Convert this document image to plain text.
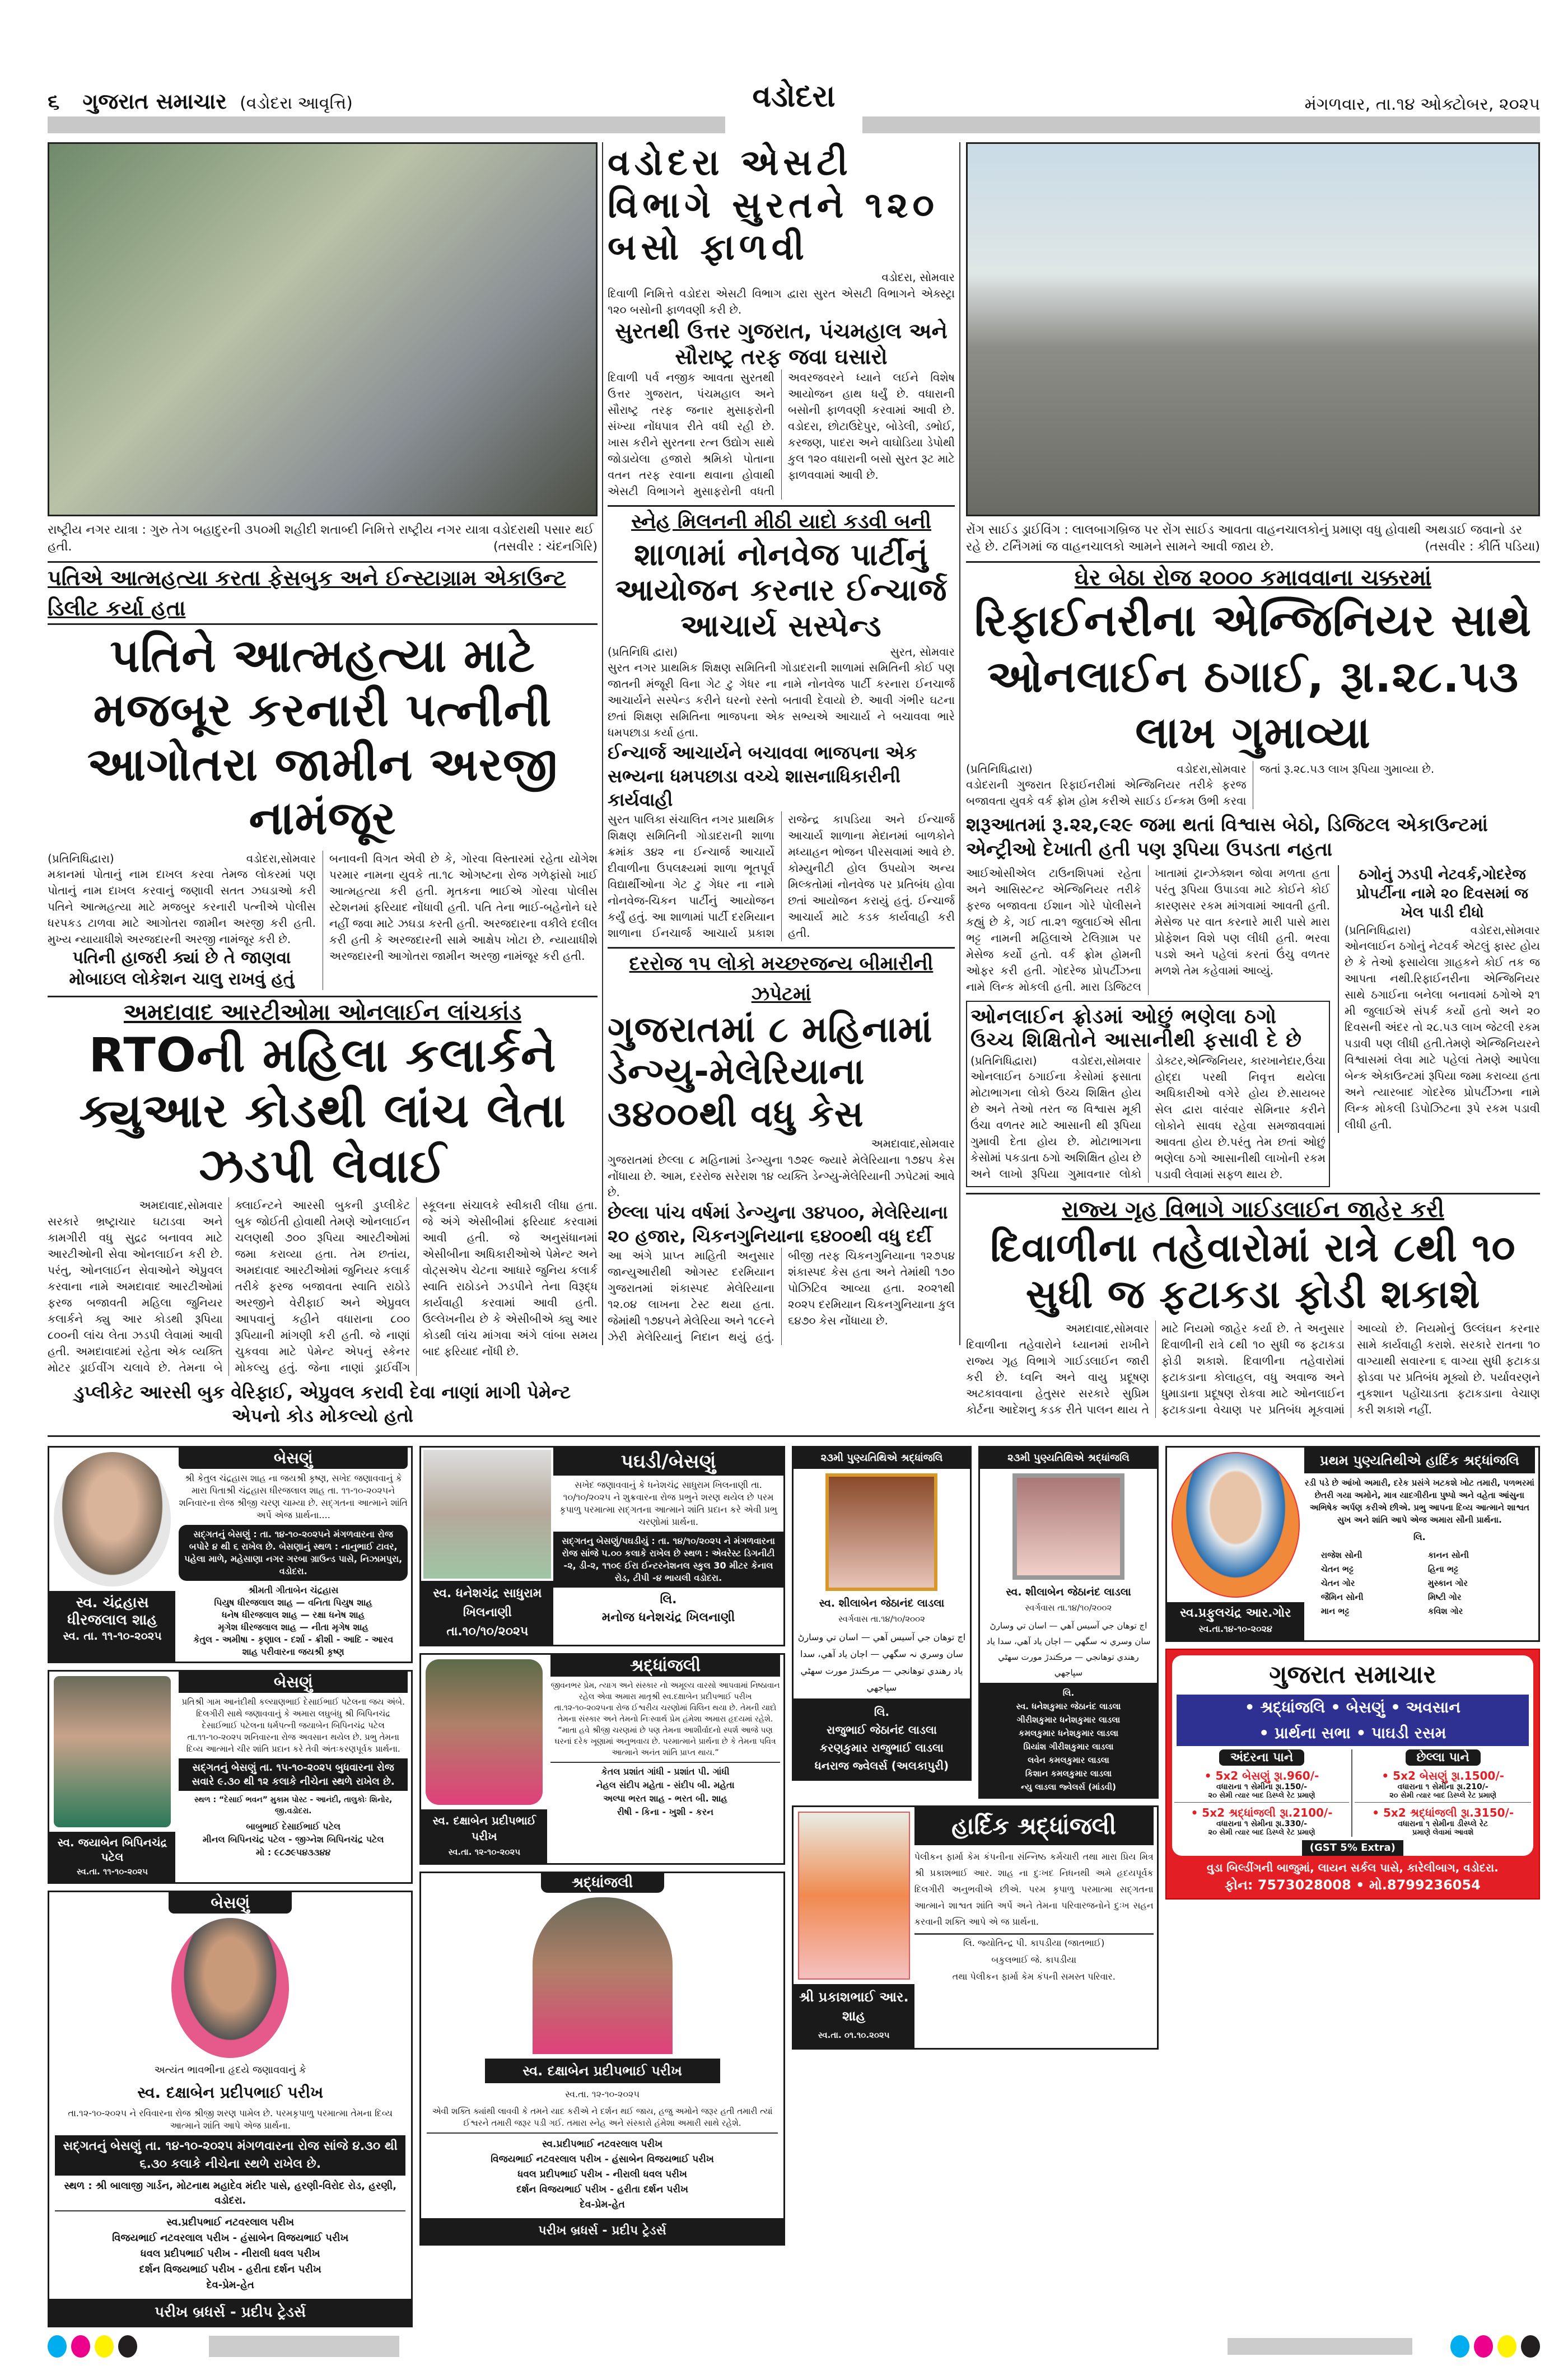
૬ ગુજરાત સમાચાર (વડોદરા આવૃત્તિ)	વડોદરા	મંગળવાર, તા.૧૪ ઓક્ટોબર, ૨૦૨૫
રાષ્ટ્રીય નગર યાત્રા : ગુરુ તેગ બહાદુરની ૩૫૦મી શહીદી શતાબ્દી નિમિત્તે રાષ્ટ્રીય નગર યાત્રા વડોદરાથી પસાર થઈ હતી.	(તસવીર : ચંદનગિરિ)
પતિએ આત્મહત્યા કરતા ફેસબુક અને ઈન્સ્ટાગ્રામ એકાઉન્ટ ડિલીટ કર્યા હતા
પતિને આત્મહત્યા માટે મજબૂર કરનારી પત્નીની આગોતરા જામીન અરજી નામંજૂર
(પ્રતિનિધિદ્વારા)	વડોદરા,સોમવાર

મકાનમાં પોતાનું નામ દાખલ કરવા તેમજ લોકરમાં પણ પોતાનું નામ દાખલ કરવાનું જણાવી સતત ઝઘડાઓ કરી પતિને આત્મહત્યા માટે મજબુર કરનારી પત્નીએ પોલીસ ધરપકડ ટાળવા માટે આગોતરા જામીન અરજી કરી હતી. મુખ્ય ન્યાયાધીશે અરજદારની અરજી નામંજૂર કરી છે.

પતિની હાજરી ક્યાં છે તે જાણવા મોબાઇલ લોકેશન ચાલુ રાખવું હતું

બનાવની વિગત એવી છે કે, ગોરવા વિસ્તારમાં રહેતા યોગેશ પરમાર નામના યુવકે તા.૧૮ ઓગષ્ટના રોજ ગળેફાંસો ખાઈ આત્મહત્યા કરી હતી. મૃતકના ભાઈએ ગોરવા પોલીસ સ્ટેશનમાં ફરિયાદ નોંધાવી હતી. પતિ તેના ભાઈ-બહેનોને ઘરે નહીં જવા માટે ઝઘડા કરતી હતી. અરજદારના વકીલે દલીલ કરી હતી કે અરજદારની સામે આક્ષેપ ખોટા છે. ન્યાયાધીશે અરજદારની આગોતરા જામીન અરજી નામંજૂર કરી હતી.

અમદાવાદ આરટીઓમા ઓનલાઈન લાંચકાંડ
RTOની મહિલા કલાર્કને ક્યુઆર કોડથી લાંચ લેતા ઝડપી લેવાઈ
અમદાવાદ,સોમવાર

સરકારે ભ્રષ્ટ્રાચાર ઘટાડવા અને કામગીરી વધુ સુદ્રઢ બનાવવ માટે આરટીઓની સેવા ઓનલાઈન કરી છે. પરંતુ, ઓનલાઈન સેવાઓને એપ્રુવલ કરવાના નામે અમદાવાદ આરટીઓમાં ફરજ બજાવતી મહિલા જુનિયર કલાર્કને ક્યુ આર કોડથી રૂપિયા ૮૦૦ની લાંચ લેતા ઝડપી લેવામાં આવી હતી. અમદાવાદમાં રહેતા એક વ્યક્તિ મોટર ડ્રાઈવીંગ ચલાવે છે. તેમના બે ક્લાઈન્ટને આરસી બુકની ડુપ્લીકેટ બુક જોઈતી હોવાથી તેમણે ઓનલાઈન ચલણથી ૭૦૦ રૂપિયા આરટીઓમાં જમા કરાવ્યા હતા. તેમ છતાંય, અમદાવાદ આરટીઓમાં જુનિયર કલાર્ક તરીકે ફરજ બજાવતા સ્વાતિ રાઠોડે અરજીને વેરીફાઈ અને એપ્રુવલ આપવાનું કહીને વધારાના ૮૦૦ રૂપિયાની માંગણી કરી હતી. જે નાણાં ચુકવવા માટે પેમેન્ટ એપનું સ્કેનર મોકલ્યુ હતું. જેના નાણાં ડ્રાઈવીંગ સ્કૂલના સંચાલકે સ્વીકારી લીધા હતા. જે અંગે એસીબીમાં ફરિયાદ કરવામાં આવી હતી. જે અનુસંધાનમાં એસીબીના અધિકારીઓએ પેમેન્ટ અને વોટ્સએપ ચેટના આધારે જુનિય કલાર્ક સ્વાતિ રાઠોડને ઝડપીને તેના વિરૂદ્ધ કાર્યવાહી કરવામાં આવી હતી. ઉલ્લેખનીય છે કે એસીબીએ ક્યુ આર કોડથી લાંચ માંગવા અંગે લાંબા સમય બાદ ફરિયાદ નોંધી છે.

ડુપ્લીકેટ આરસી બુક વેરિફાઈ, એપ્રુવલ કરાવી દેવા નાણાં માગી પેમેન્ટ એપનો કોડ મોકલ્યો હતો
વડોદરા એસટી વિભાગે સુરતને ૧૨૦ બસો ફાળવી
વડોદરા, સોમવાર

દિવાળી નિમિત્તે વડોદરા એસટી વિભાગ દ્વારા સુરત એસટી વિભાગને એક્સ્ટ્રા ૧૨૦ બસોની ફાળવણી કરી છે.

સુરતથી ઉત્તર ગુજરાત, પંચમહાલ અને સૌરાષ્ટ્ર તરફ જવા ઘસારો
દિવાળી પર્વ નજીક આવતા સુરતથી ઉત્તર ગુજરાત, પંચમહાલ અને સૌરાષ્ટ્ર તરફ જનાર મુસાફરોની સંખ્યા નોંધપાત્ર રીતે વધી રહી છે. ખાસ કરીને સુરતના રત્ન ઉદ્યોગ સાથે જોડાયેલા હજારો શ્રમિકો પોતાના વતન તરફ રવાના થવાના હોવાથી એસટી વિભાગને મુસાફરોની વધતી અવરજવરને ધ્યાને લઈને વિશેષ આયોજન હાથ ધર્યું છે. વધારાની બસોની ફાળવણી કરવામાં આવી છે. વડોદરા, છોટાઉદેપુર, બોડેલી, ડભોઈ, કરજણ, પાદરા અને વાઘોડિયા ડેપોથી કુલ ૧૨૦ વધારાની બસો સુરત રૂટ માટે ફાળવવામાં આવી છે.
સ્નેહ મિલનની મીઠી યાદો કડવી બની
શાળામાં નોનવેજ પાર્ટીનું આયોજન કરનાર ઈન્ચાર્જ આચાર્ય સસ્પેન્ડ
(પ્રતિનિધિ દ્વારા)	સુરત, સોમવાર

સુરત નગર પ્રાથમિક શિક્ષણ સમિતિની ગોડાદરાની શાળામાં સમિતિની કોઈ પણ જાતની મંજૂરી વિના ગેટ ટુ ગેધર ના નામે નોનવેજ પાર્ટી કરનારા ઈનચાર્જ આચાર્યને સસ્પેન્ડ કરીને ઘરનો રસ્તો બતાવી દેવાયો છે. આવી ગંભીર ઘટના છતાં શિક્ષણ સમિતિના ભાજપના એક સભ્યએ આચાર્ય ને બચાવવા ભારે ધમપછાડા કર્યા હતા.

ઈન્ચાર્જ આચાર્યને બચાવવા ભાજપના એક સભ્યના ધમપછાડા વચ્ચે શાસનાધિકારીની કાર્યવાહી
સુરત પાલિકા સંચાલિત નગર પ્રાથમિક શિક્ષણ સમિતિની ગોડાદરાની શાળા ક્રમાંક ૩૪૨ ના ઈન્ચાર્જ આચાર્યે દીવાળીના ઉપલક્ષ્યમાં શાળા ભૂતપૂર્વ વિદ્યાર્થીઓના ગેટ ટુ ગેધર ના નામે નોનવેજ-ચિકન પાર્ટીનું આયોજન કર્યું હતું. આ શાળામાં પાર્ટી દરમિયાન શાળાના ઈનચાર્જ આચાર્ય પ્રકાશ રાજેન્દ્ર કાપડિયા અને ઈન્ચાર્જ આચાર્ય શાળાના મેદાનમાં બાળકોને મધ્યાહન ભોજન પીરસવામાં આવે છે. કોમ્યુનીટી હોલ ઉપયોગ અન્ય મિલ્કતોમાં નોનવેજ પર પ્રતિબંધ હોવા છતાં આયોજન કરાયું હતું. ઈન્ચાર્જ આચાર્ય માટે કડક કાર્યવાહી કરી હતી.
દરરોજ ૧૫ લોકો મચ્છરજન્ય બીમારીની ઝપેટમાં
ગુજરાતમાં ૮ મહિનામાં ડેન્ગ્યુ-મેલેરિયાના ૩૪૦૦થી વધુ કેસ
અમદાવાદ,સોમવાર

ગુજરાતમાં છેલ્લા ૮ મહિનામાં ડેન્ગ્યુના ૧૭૨૯ જ્યારે મેલેરિયાના ૧૭૪૫ કેસ નોંધાયા છે. આમ, દરરોજ સરેરાશ ૧૪ વ્યક્તિ ડેન્ગ્યુ-મેલેરિયાની ઝપેટમાં આવે છે.

છેલ્લા પાંચ વર્ષમાં ડેન્ગ્યુના ૩૪૫૦૦, મેલેરિયાના ૨૦ હજાર, ચિકનગુનિયાના ૬૪૦૦થી વધુ દર્દી
આ અંગે પ્રાપ્ત માહિતી અનુસાર જાન્યુઆરીથી ઓગસ્ટ દરમિયાન ગુજરાતમાં શંકાસ્પદ મેલેરિયાના ૧૨.૦૪ લાખના ટેસ્ટ થયા હતા. જેમાંથી ૧૭૪૫ને મેલેરિયા અને ૧૮૯ને ઝેરી મેલેરિયાનું નિદાન થયું હતું. બીજી તરફ ચિકનગુનિયાના ૧૨૭૫૪ શંકાસ્પદ કેસ હતા અને તેમાંથી ૧૭૦ પોઝિટિવ આવ્યા હતા. ૨૦૨૧થી ૨૦૨૫ દરમિયાન ચિકનગુનિયાના કુલ ૬૪૭૦ કેસ નોંધાયા છે.
રોંગ સાઈડ ડ્રાઈવિંગ : લાલબાગબ્રિજ પર રોંગ સાઈડ આવતા વાહનચાલકોનું પ્રમાણ વધુ હોવાથી અથડાઈ જવાનો ડર રહે છે. ટર્નિંગમાં જ વાહનચાલકો આમને સામને આવી જાય છે.	(તસવીર : કીર્તિ પડિયા)
ઘેર બેઠા રોજ ૨૦૦૦ કમાવવાના ચક્કરમાં
રિફાઈનરીના એન્જિનિયર સાથે ઓનલાઈન ઠગાઈ, રૂા.૨૮.૫૩ લાખ ગુમાવ્યા
(પ્રતિનિધિદ્વારા)	વડોદરા,સોમવાર

વડોદરાની ગુજરાત રિફાઈનરીમાં એન્જિનિયર તરીકે ફરજ બજાવતા યુવકે વર્ક ફ્રોમ હોમ કરીએ સાઈડ ઈન્કમ ઉભી કરવા જતાં રૂ.૨૮.૫૩ લાખ રૂપિયા ગુમાવ્યા છે.

શરૂઆતમાં રૂ.૨૨,૯૨૯ જમા થતાં વિશ્વાસ બેઠો, ડિજિટલ એકાઉન્ટમાં એન્ટ્રીઓ દેખાતી હતી પણ રૂપિયા ઉપડતા નહતા
આઈઓસીએલ ટાઉનશિપમાં રહેતા અને આસિસ્ટન્ટ એન્જિનિયર તરીકે ફરજ બજાવતા ઈશાન ગોરે પોલીસને કહ્યું છે કે, ગઈ તા.૨૧ જુલાઈએ સીતા ભટ્ટ નામની મહિલાએ ટેલિગ્રામ પર મેસેજ કર્યો હતો. વર્ક ફ્રોમ હોમની ઓફર કરી હતી. ગોદરેજ પ્રોપર્ટીઝના નામે લિન્ક મોકલી હતી. મારા ડિજિટલ ખાતામાં ટ્રાન્ઝેક્શન જોવા મળતા હતા પરંતુ રૂપિયા ઉપાડવા માટે કોઈને કોઈ કારણસર રકમ માંગવામાં આવતી હતી. મેસેજ પર વાત કરનારે મારી પાસે મારા પ્રોફેશન વિશે પણ લીધી હતી. ભરવા પડશે અને પહેલાં કરતાં ઉંચુ વળતર મળશે તેમ કહેવામાં આવ્યું.
ઓનલાઈન ફ્રોડમાં ઓછું ભણેલા ઠગો ઉચ્ચ શિક્ષિતોને આસાનીથી ફસાવી દે છે
(પ્રતિનિધિદ્વારા)	વડોદરા,સોમવાર

ઓનલાઈન ઠગાઈના કેસોમાં ફસાતા મોટાભાગના લોકો ઉચ્ચ શિક્ષિત હોય છે અને તેઓ તરત જ વિશ્વાસ મૂકી ઉંચા વળતર માટે આસાની થી રૂપિયા ગુમાવી દેતા હોય છે. મોટાભાગના કેસોમાં પકડાતા ઠગો અશિક્ષિત હોય છે અને લાખો રૂપિયા ગુમાવનાર લોકો ડોક્ટર,એન્જિનિયર, કારખાનેદાર,ઉંચા હોદ્દા પરથી નિવૃત્ત થયેલા અધિકારીઓ વગેરે હોય છે.સાયબર સેલ દ્વારા વારંવાર સેમિનાર કરીને લોકોને સાવધ રહેવા સમજાવવામાં આવતા હોય છે.પરંતુ તેમ છતાં ઓછું ભણેલા ઠગો આસાનીથી લાખોની રકમ પડાવી લેવામાં સફળ થાય છે.

ઠગોનું ઝડપી નેટવર્ક,ગોદરેજ પ્રોપર્ટીના નામે ૨૦ દિવસમાં જ ખેલ પાડી દીધો
(પ્રતિનિધિદ્વારા)	વડોદરા,સોમવાર
ઓનલાઈન ઠગોનું નેટવર્ક એટલું ફાસ્ટ હોય છે કે તેઓ ફસાયેલા ગ્રાહકને કોઈ તક જ આપતા નથી.રિફાઈનરીના એન્જિનિયર સાથે ઠગાઈના બનેલા બનાવમાં ઠગોએ ૨૧ મી જુલાઈએ સંપર્ક કર્યો હતો અને ૨૦ દિવસની અંદર તો ૨૮.૫૩ લાખ જેટલી રકમ પડાવી પણ લીધી હતી.તેમણે એન્જિનિયરને વિશ્વાસમાં લેવા માટે પહેલાં તેમણે આપેલા બેન્ક એકાઉન્ટમાં રૂપિયા જમા કરાવ્યા હતા અને ત્યારબાદ ગોદરેજ પ્રોપર્ટીઝના નામે લિન્ક મોકલી ડિપોઝિટના રૂપે રકમ પડાવી લીધી હતી.
રાજ્ય ગૃહ વિભાગે ગાઈડલાઈન જાહેર કરી
દિવાળીના તહેવારોમાં રાત્રે ૮થી ૧૦ સુધી જ ફટાકડા ફોડી શકાશે
અમદાવાદ,સોમવાર

દિવાળીના તહેવારોને ધ્યાનમાં રાખીને રાજ્ય ગૃહ વિભાગે ગાઈડલાઈન જારી કરી છે. ધ્વનિ અને વાયુ પ્રદૂષણ અટકાવવાના હેતુસર સરકારે સુપ્રિમ કોર્ટના આદેશનુ કડક રીતે પાલન થાય તે માટે નિયમો જાહેર કર્યા છે. તે અનુસાર દિવાળીની રાત્રે ૮થી ૧૦ સુધી જ ફટાકડા ફોડી શકાશે. દિવાળીના તહેવારોમાં ફટાકડાના કોલાહલ, વધુ અવાજ અને ધુમાડાના પ્રદૂષણ રોકવા માટે ઓનલાઈન ફટાકડાના વેચાણ પર પ્રતિબંધ મૂકવામાં આવ્યો છે. નિયમોનું ઉલ્લંઘન કરનાર સામે કાર્યવાહી કરાશે. સરકારે રાતના ૧૦ વાગ્યાથી સવારના ૬ વાગ્યા સુધી ફટાકડા ફોડવા પર પ્રતિબંધ મૂક્યો છે. પર્યાવરણને નુકશાન પહોંચાડતા ફટાકડાના વેચાણ કરી શકાશે નહીં.

સ્વ. ચંદ્રહાસ ધીરજલાલ શાહ
સ્વ. તા. ૧૧-૧૦-૨૦૨૫
બેસણું
શ્રી કેતુલ ચંદ્રહાસ શાહ ના જયશ્રી કૃષ્ણ, સખેદ જણાવવાનું કે મારા પિતાશ્રી ચંદ્રહાસ ધીરજલાલ શાહ તા. ૧૧-૧૦-૨૦૨૫ને શનિવારના રોજ શ્રીજી ચરણ ચામ્યા છે. સદ્‌ગતના આત્માને શાંતિ અર્પે એજ પ્રાર્થના....
સદ્‌ગતનું બેસણું : તા. ૧૪-૧૦-૨૦૨૫ને મંગળવારના રોજ બપોરે ૪ થી ૬ રાખેલ છે. બેસણાનું સ્થળ : નાનુભાઈ ટાવર, પહેલા માળે, મહેસાણા નગર ગરબા ગ્રાઉન્ડ પાસે, નિઝામપુરા, વડોદરા.
શ્રીમતી ગીતાબેન ચંદ્રહાસ
પિયુષ ધીરજલાલ શાહ — વનિતા પિયુષ શાહ
ધનેષ ધીરજલાલ શાહ — રક્ષા ધનેષ શાહ
મૃગેશ ધીરજલાલ શાહ — નીતા મૃગેષ શાહ
કેતુલ - અમીષા - કૃણાલ - દર્શા - ક્રીશી - આદિ - આરવ
શાહ પરીવારના જયશ્રી કૃષ્ણ
સ્વ. જયાબેન બિપિનચંદ્ર પટેલ
સ્વ.તા. ૧૧-૧૦-૨૦૨૫
બેસણું
પ્રતિશ્રી ગામ આનંદીથી કલ્યાણભાઈ દેસાઈભાઈ પટેલના જય અંબે. દિલગીરી સાથે જણાવવાનું કે અમારા લઘુબંધુ શ્રી બિપિનચંદ્ર દેસાઈભાઈ પટેલના ધર્મપત્ની જયાબેન બિપિનચંદ્ર પટેલ તા.૧૧-૧૦-૨૦૨૫ શનિવારના રોજ અવસાન થયેલ છે. પ્રભુ તેમના દિવ્ય આત્માને ચીર શાંતિ પ્રદાન કરે તેવી અંતઃકરણપૂર્વક પ્રાર્થના.
સદ્‌ગતનું બેસણું તા. ૧૫-૧૦-૨૦૨૫ બુધવારના રોજ સવારે ૯.૩૦ થી ૧૨ કલાકે નીચેના સ્થળે રાખેલ છે.
સ્થળ : “દેસાઈ ભવન” મુકામ પોસ્ટ - આનંદી, તાલુકોઃ શિનોર, જી.વડોદરા.
બાબુભાઈ દેસાઈભાઈ પટેલ
મીનલ બિપિનચંદ્ર પટેલ - જીગ્નેશ બિપિનચંદ્ર પટેલ
મો : ૯૮૭૯૫૪૩૩૪૪
બેસણું
અત્યંત ભાવભીના હૃદયે જણાવવાનું કે
સ્વ. દક્ષાબેન પ્રદીપભાઈ પરીખ
તા.૧૨-૧૦-૨૦૨૫ ને રવિવારના રોજ શ્રીજી શરણ પામેલ છે. પરમકૃપાળુ પરમાત્મા તેમના દિવ્ય આત્માને શાંતિ આપે એજ પ્રાર્થના.
સદ્‌ગતનું બેસણું તા. ૧૪-૧૦-૨૦૨૫ મંગળવારના રોજ સાંજે ૪.૩૦ થી ૬.૩૦ કલાકે નીચેના સ્થળે રાખેલ છે.
સ્થળ : શ્રી બાલાજી ગાર્ડન, મોટનાથ મહાદેવ મંદીર પાસે, હરણી-વિરોદ રોડ, હરણી, વડોદરા.
સ્વ.પ્રદીપભાઈ નટવરલાલ પરીખ
વિજયભાઈ નટવરલાલ પરીખ - હંસાબેન વિજયભાઈ પરીખ
ધવલ પ્રદીપભાઈ પરીખ - નીરાલી ધવલ પરીખ
દર્શન વિજયભાઈ પરીખ - હરીતા દર્શન પરીખ
દેવ-પ્રેમ-હેત
પરીખ બ્રધર્સ - પ્રદીપ ટ્રેડર્સ
સ્વ. ધનેશચંદ્ર સાધુરામ ખિલનાણી
તા.૧૦/૧૦/૨૦૨૫
પઘડી/બેસણું
સખેદ જણાવવાનું કે ધનેશચંદ્ર સાધુરામ ખિલનાણી તા. ૧૦/૧૦/૨૦૨૫ ને શુક્રવારના રોજ પ્રભુને શરણ થયેલ છે પરમ કૃપાળુ પરમાત્મા સદ્‌ગતના આત્માને શાંતિ પ્રદાન કરે એવી પ્રભુ ચરણોમાં પ્રાર્થના.
સદ્‌ગતનુ બેસણું/પઘડીયું : તા. ૧૪/૧૦/૨૦૨૫ ને મંગળવારના રોજ સાંજે ૫.૦૦ કલાકે રાખેલ છે સ્થળ : એવરેસ્ટ ડિગનીટી -૨, ડી-૨, ૧૧૦૯ ઈરા ઈન્ટરનેશનલ સ્કુલ 30 મીટર કેનાલ રોડ, ટીપી -૪ ભાયલી વડોદરા.
લિ.
મનોજ ધનેશચંદ્ર ખિલનાણી
સ્વ. દક્ષાબેન પ્રદીપભાઈ પરીખ
સ્વ.તા. ૧૨-૧૦-૨૦૨૫
શ્રદ્ધાંજલી
જીવનભર પ્રેમ, ત્યાગ અને સંસ્કાર નો અમૂલ્ય વારસો આપવામાં નિષ્ઠાવાન રહેલ એવા અમારા માતૃશ્રી સ્વ.દક્ષાબેન પ્રદીપભાઈ પરીખ તા.૧૨-૧૦-૨૦૨૫ના રોજ ઈશ્વરીય ચરણોમાં વિલિન થયા છે. તેમની યાદો તેમના સંસ્કાર અને તેમનો નિઃસ્વાર્થ પ્રેમ હંમેશા અમારા હૃદયમાં રહેશે. “માતા હવે શ્રીજી ચરણમાં છે પણ તેમના આશીર્વાદનો સ્પર્શ આજે પણ ઘરનાં દરેક ખૂણામાં અનુભવાય છે. પરમાત્માને પ્રાર્થના છે કે તેમના પવિત્ર આત્માને અનંત શાંતિ પ્રાપ્ત થાય.”
કેતલ પ્રશાંત ગાંધી - પ્રશાંત પી. ગાંધી
નેહલ સંદીપ મહેતા - સંદીપ બી. મહેતા
અલ્પા ભરત શાહ - ભરત બી. શાહ
રીષી - કિના - ખુશી - કરન
શ્રદ્ધાંજલી
સ્વ. દક્ષાબેન પ્રદીપભાઈ પરીખ
સ્વ.તા. ૧૨-૧૦-૨૦૨૫
એવી શક્તિ ક્યાંથી લાવવી કે તમને યાદ કરીએ ને દર્શન થઈ જાય, હજુ અમોને જરૂર હતી તમારી ત્યાં ઈશ્વરને તમારી જરૂર પડી ગઈ. તમારા સ્નેહ અને સંસ્કારો હંમેશા અમારી સાથે રહેશે.
સ્વ.પ્રદીપભાઈ નટવરલાલ પરીખ
વિજયભાઈ નટવરલાલ પરીખ - હંસાબેન વિજયભાઈ પરીખ
ધવલ પ્રદીપભાઈ પરીખ - નીરાલી ધવલ પરીખ
દર્શન વિજયભાઈ પરીખ - હરીતા દર્શન પરીખ
દેવ-પ્રેમ-હેત
પરીખ બ્રધર્સ - પ્રદીપ ટ્રેડર્સ
૨૩મી પુણ્યતિથિએ શ્રદ્ધાંજલિ
સ્વ. શીલાબેન જેઠાનંદ લાડલા
સ્વર્ગવાસ તા.૧૪/૧૦/૨૦૦૨
اڄ توهان جي آسيس آهي — اسان تي وسارڻ سان وسري نہ سگهي — اڄان ياد آهي، سدا ياد رهندي توهانجي — مرڪندڙ مورت سهڻي سڀاجهي
લિ.
રાજુભાઈ જેઠાનંદ લાડલા
કરણકુમાર રાજુભાઈ લાડલા
ધનરાજ જ્વેલર્સ (અલકાપુરી)
૨૩મી પુણ્યતિથિએ શ્રદ્ધાંજલિ
સ્વ. શીલાબેન જેઠાનંદ લાડલા
સ્વર્ગવાસ તા.૧૪/૧૦/૨૦૦૨
اڄ توهان جي آسيس آهي — اسان تي وسارڻ سان وسري نہ سگهي — اڄان ياد آهي، سدا ياد رهندي توهانجي — مرڪندڙ مورت سهڻي سڀاجهي
લિ.
સ્વ. ધનેશકુમાર જેઠાનંદ લાડલા
ગીરીશકુમાર ધનેશકુમાર લાડલા
કમલકુમાર ધનેશકુમાર લાડલા
પ્રિયાંશ ગીરીશકુમાર લાડલા
લવેન કમલકુમાર લાડલા
કિશાન કમલકુમાર લાડલા
ન્યુ લાડલા જ્વેલર્સ (માંડવી)
શ્રી પ્રકાશભાઈ આર. શાહ
સ્વ.તા. ૦૧.૧૦.૨૦૨૫
હાર્દિક શ્રદ્ધાંજલી
પેલીકન ફાર્મા કેમ કંપનીના સંન્નિષ્ઠ કર્મચારી તથા મારા પ્રિય મિત્ર શ્રી પ્રકાશભાઈ આર. શાહ ના દુઃખદ નિધનથી અમે હૃદયપૂર્વક દિલગીરી અનુભવીએ છીએ. પરમ કૃપાળુ પરમાત્મા સદ્‌ગતના આત્માને શાશ્વત શાંતિ અર્પે અને તેમના પરિવારજનોને દુઃખ સહન કરવાની શક્તિ આપે એ જ પ્રાર્થના.
લિ. જ્યોતિન્દ્ર પી. કાપડીયા (જાતભાઈ)
બકુલભાઈ જે. કાપડીયા
તથા પેલીકન ફાર્મા કેમ કંપની સમસ્ત પરિવાર.
સ્વ.પ્રફુલચંદ્ર આર.ગોર
સ્વ.તા.૧૪-૧૦-૨૦૨૪
પ્રથમ પુણ્યતિથીએ હાર્દિક શ્રદ્ધાંજલિ
રડી પડે છે આંખો અમારી, દરેક પ્રસંગે ખટકશે ખોટ તમારી, પળભરમાં છેતરી ગયા અમોને, માત્ર યાદગીરીના પુષ્પો અને વહેતા આંસુના અભિષેક અર્પણ કરીએ છીએ. પ્રભુ આપના દિવ્ય આત્માને શાશ્વત સુખ અને શાંતિ આપે એજ અમારા સૌની પ્રાર્થના.
લિ.
રાજેશ સોની	કાનન સોની
ચેતન ભટ્ટ	હિના ભટ્ટ
ચેતન ગોર	મુસ્કાન ગોર
જૈમિન સોની	મિષ્ટી ગોર
માન ભટ્ટ	કવિશ ગોર
ગુજરાત સમાચાર
• શ્રદ્ધાંજલિ • બેસણું • અવસાન
• પ્રાર્થના સભા • પાઘડી રસમ
અંદરના પાને
• 5x2 બેસણું રૂા.960/-
વધારાના ૧ સેમીના રૂા.150/-
૨૦ સેમી ત્યાર બાદ ડિસ્પ્લે રેટ પ્રમાણે
• 5x2 શ્રદ્ધાંજલી રૂા.2100/-
વધારાના ૧ સેમીના રૂા.330/-
૨૦ સેમી ત્યાર બાદ ડિસ્પ્લે રેટ પ્રમાણે
છેલ્લા પાને
• 5x2 બેસણું રૂા.1500/-
વધારાના ૧ સેમીના રૂા.210/-
૨૦ સેમી ત્યાર બાદ ડિસ્પ્લે રેટ પ્રમાણે
• 5x2 શ્રદ્ધાંજલી રૂા.3150/-
વધારાના ૧ સેમીના ડીસ્પ્લે રેટ
પ્રમાણે લેવામાં આવશે
(GST 5% Extra)
વુડા બિલ્ડીંગની બાજુમાં, લાયન સર્કલ પાસે, કારેલીબાગ, વડોદરા.
ફોન: 7573028008 • મો.8799236054
